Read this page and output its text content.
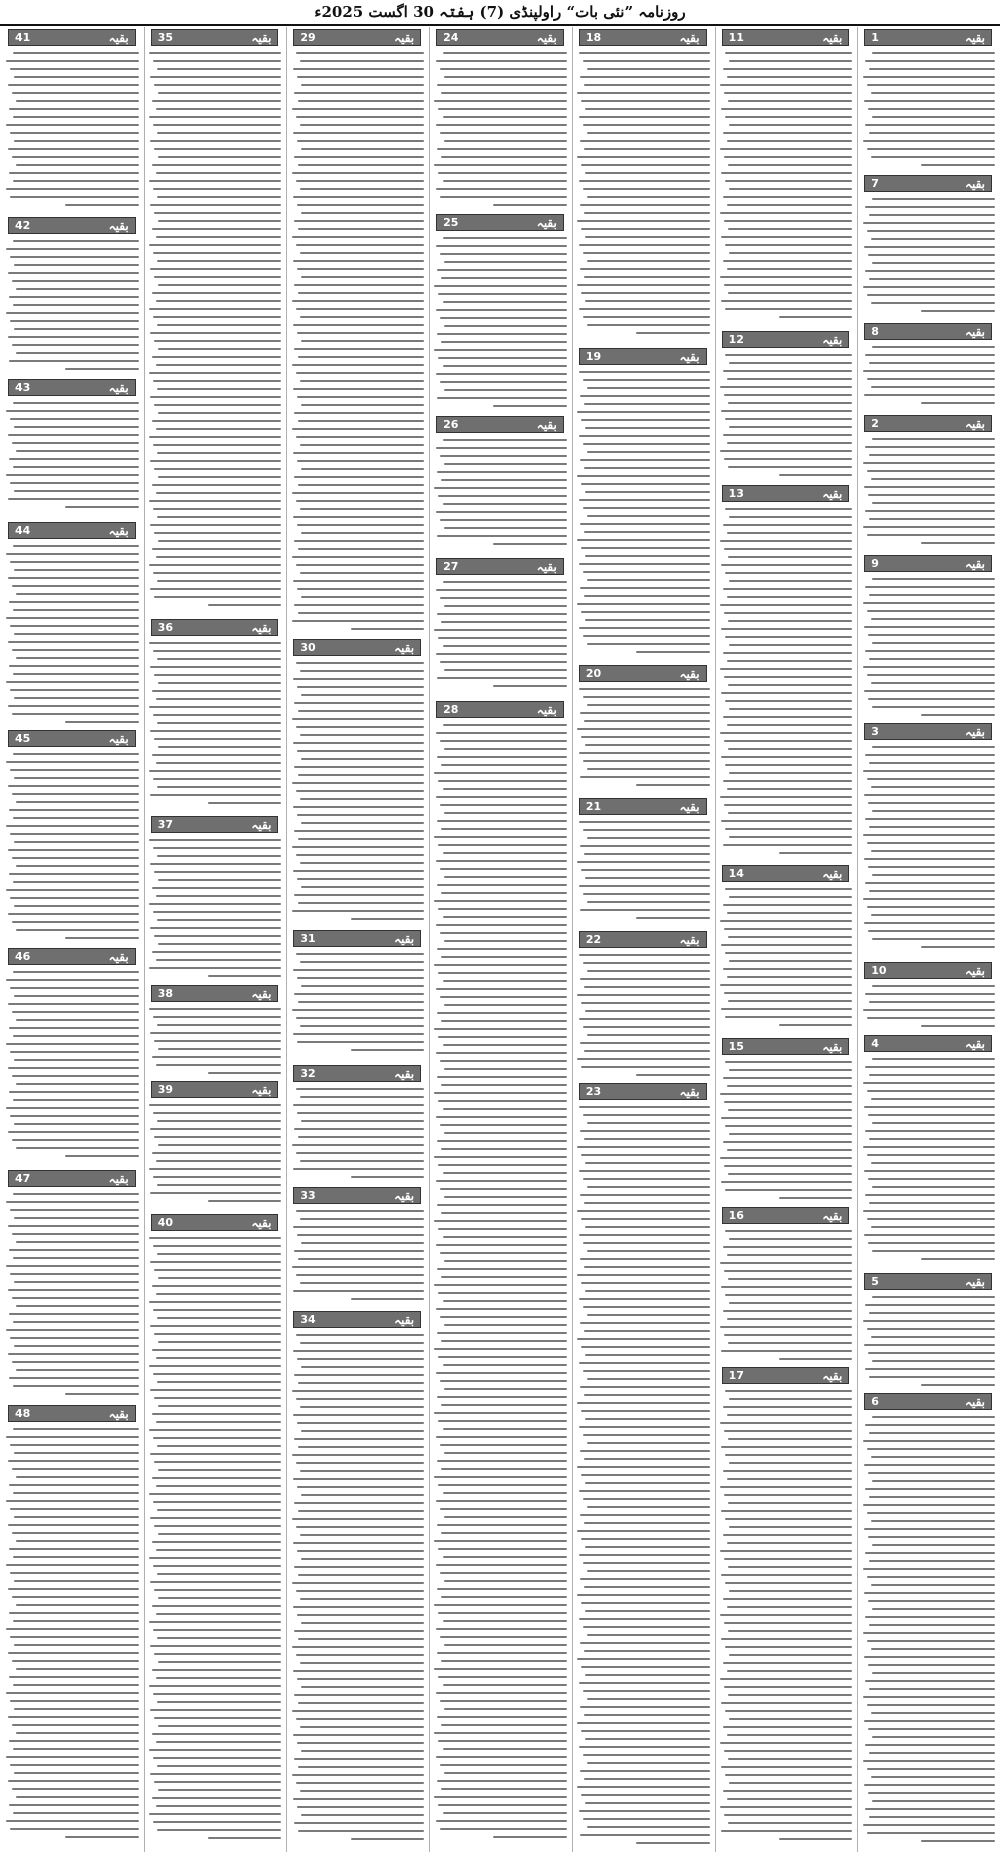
روزنامہ ”نئی بات“ راولپنڈی (7) ہفتہ 30 اگست 2025ء
بقیہ
1
بقیہ
7
بقیہ
8
بقیہ
2
بقیہ
9
بقیہ
3
بقیہ
10
بقیہ
4
بقیہ
5
بقیہ
6
بقیہ
11
بقیہ
12
بقیہ
13
بقیہ
14
بقیہ
15
بقیہ
16
بقیہ
17
بقیہ
18
بقیہ
19
بقیہ
20
بقیہ
21
بقیہ
22
بقیہ
23
بقیہ
24
بقیہ
25
بقیہ
26
بقیہ
27
بقیہ
28
بقیہ
29
بقیہ
30
بقیہ
31
بقیہ
32
بقیہ
33
بقیہ
34
بقیہ
35
بقیہ
36
بقیہ
37
بقیہ
38
بقیہ
39
بقیہ
40
بقیہ
41
بقیہ
42
بقیہ
43
بقیہ
44
بقیہ
45
بقیہ
46
بقیہ
47
بقیہ
48
